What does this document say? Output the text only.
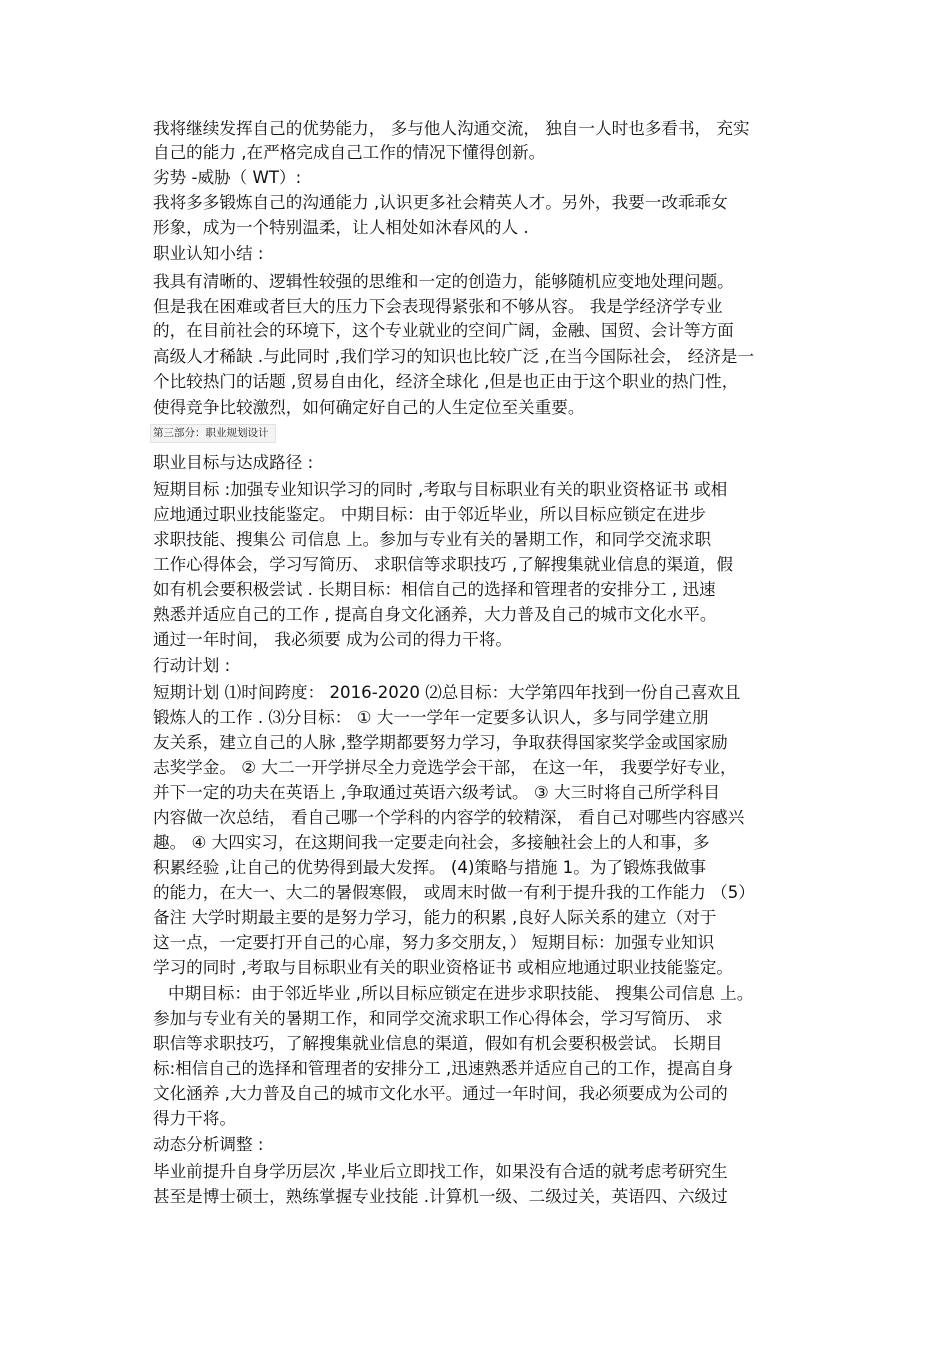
我将继续发挥自己的优势能力， 多与他人沟通交流， 独自一人时也多看书， 充实
自己的能力 ,在严格完成自己工作的情况下懂得创新。
劣势 -威胁（ WT）:
我将多多锻炼自己的沟通能力 ,认识更多社会精英人才。另外，我要一改乖乖女
形象，成为一个特别温柔，让人相处如沐春风的人 .
职业认知小结 :
我具有清晰的、逻辑性较强的思维和一定的创造力，能够随机应变地处理问题。
但是我在困难或者巨大的压力下会表现得紧张和不够从容。 我是学经济学专业
的，在目前社会的环境下，这个专业就业的空间广阔，金融、国贸、会计等方面
高级人才稀缺 .与此同时 ,我们学习的知识也比较广泛 ,在当今国际社会， 经济是一
个比较热门的话题 ,贸易自由化，经济全球化 ,但是也正由于这个职业的热门性，
使得竞争比较激烈，如何确定好自己的人生定位至关重要。
第三部分：职业规划设计
职业目标与达成路径 :
短期目标 :加强专业知识学习的同时 ,考取与目标职业有关的职业资格证书 或相
应地通过职业技能鉴定。 中期目标：由于邻近毕业，所以目标应锁定在进步
求职技能、搜集公 司信息 上。参加与专业有关的暑期工作，和同学交流求职
工作心得体会，学习写简历、 求职信等求职技巧 ,了解搜集就业信息的渠道，假
如有机会要积极尝试 . 长期目标：相信自己的选择和管理者的安排分工 , 迅速
熟悉并适应自己的工作 , 提高自身文化涵养，大力普及自己的城市文化水平。
通过一年时间， 我必须要 成为公司的得力干将。
行动计划 :
短期计划 ⑴时间跨度： 2016-2020 ⑵总目标：大学第四年找到一份自己喜欢且
锻炼人的工作 . ⑶分目标： ① 大一一学年一定要多认识人，多与同学建立朋
友关系，建立自己的人脉 ,整学期都要努力学习，争取获得国家奖学金或国家励
志奖学金。 ② 大二一开学拼尽全力竞选学会干部， 在这一年， 我要学好专业，
并下一定的功夫在英语上 ,争取通过英语六级考试。 ③ 大三时将自己所学科目
内容做一次总结， 看自己哪一个学科的内容学的较精深， 看自己对哪些内容感兴
趣。 ④ 大四实习，在这期间我一定要走向社会，多接触社会上的人和事，多
积累经验 ,让自己的优势得到最大发挥。 (4)策略与措施 1。为了锻炼我做事
的能力，在大一、大二的暑假寒假， 或周末时做一有利于提升我的工作能力 （5）
备注 大学时期最主要的是努力学习，能力的积累 ,良好人际关系的建立（对于
这一点，一定要打开自己的心扉，努力多交朋友，） 短期目标：加强专业知识
学习的同时 ,考取与目标职业有关的职业资格证书 或相应地通过职业技能鉴定。
中期目标：由于邻近毕业 ,所以目标应锁定在进步求职技能、 搜集公司信息 上。
参加与专业有关的暑期工作，和同学交流求职工作心得体会，学习写简历、 求
职信等求职技巧，了解搜集就业信息的渠道，假如有机会要积极尝试。 长期目
标:相信自己的选择和管理者的安排分工 ,迅速熟悉并适应自己的工作，提高自身
文化涵养 ,大力普及自己的城市文化水平。通过一年时间，我必须要成为公司的
得力干将。
动态分析调整 :
毕业前提升自身学历层次 ,毕业后立即找工作，如果没有合适的就考虑考研究生
甚至是博士硕士，熟练掌握专业技能 .计算机一级、二级过关，英语四、六级过
